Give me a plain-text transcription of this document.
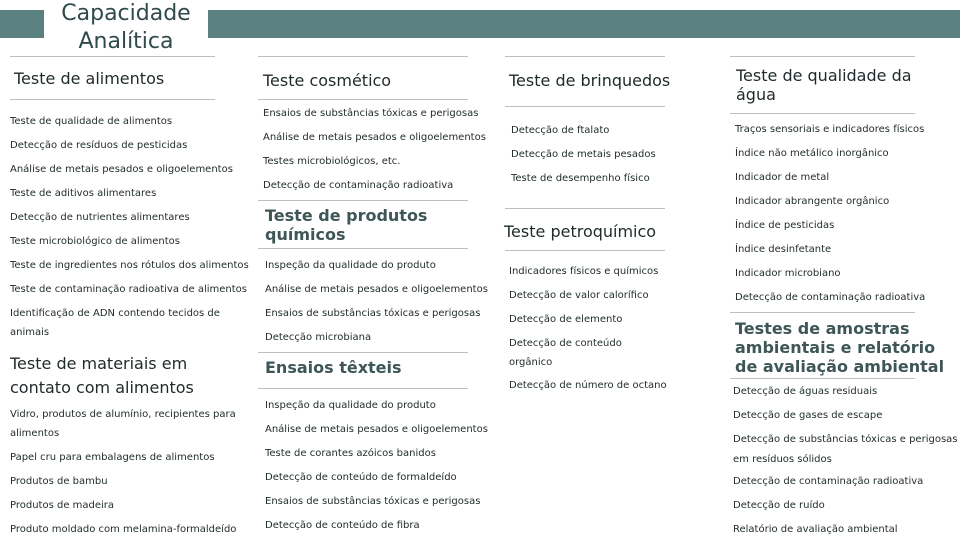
Capacidade Analítica
Teste de alimentos
Teste de qualidade de alimentos
Detecção de resíduos de pesticidas
Análise de metais pesados e oligoelementos
Teste de aditivos alimentares
Detecção de nutrientes alimentares
Teste microbiológico de alimentos
Teste de ingredientes nos rótulos dos alimentos
Teste de contaminação radioativa de alimentos
Identificação de ADN contendo tecidos de animais
Teste de materiais em contato com alimentos
Vidro, produtos de alumínio, recipientes para alimentos
Papel cru para embalagens de alimentos
Produtos de bambu
Produtos de madeira
Produto moldado com melamina-formaldeído
Teste cosmético
Ensaios de substâncias tóxicas e perigosas
Análise de metais pesados e oligoelementos
Testes microbiológicos, etc.
Detecção de contaminação radioativa
Teste de produtos químicos
Inspeção da qualidade do produto
Análise de metais pesados e oligoelementos
Ensaios de substâncias tóxicas e perigosas
Detecção microbiana
Ensaios têxteis
Inspeção da qualidade do produto
Análise de metais pesados e oligoelementos
Teste de corantes azóicos banidos
Detecção de conteúdo de formaldeído
Ensaios de substâncias tóxicas e perigosas
Detecção de conteúdo de fibra
Teste de brinquedos
Detecção de ftalato
Detecção de metais pesados
Teste de desempenho físico
Teste petroquímico
Indicadores físicos e químicos
Detecção de valor calorífico
Detecção de elemento
Detecção de conteúdo orgânico
Detecção de número de octano
Teste de qualidade da água
Traços sensoriais e indicadores físicos
Índice não metálico inorgânico
Indicador de metal
Indicador abrangente orgânico
Índice de pesticidas
Índice desinfetante
Indicador microbiano
Detecção de contaminação radioativa
Testes de amostras ambientais e relatório de avaliação ambiental
Detecção de águas residuais
Detecção de gases de escape
Detecção de substâncias tóxicas e perigosas em resíduos sólidos
Detecção de contaminação radioativa
Detecção de ruído
Relatório de avaliação ambiental
